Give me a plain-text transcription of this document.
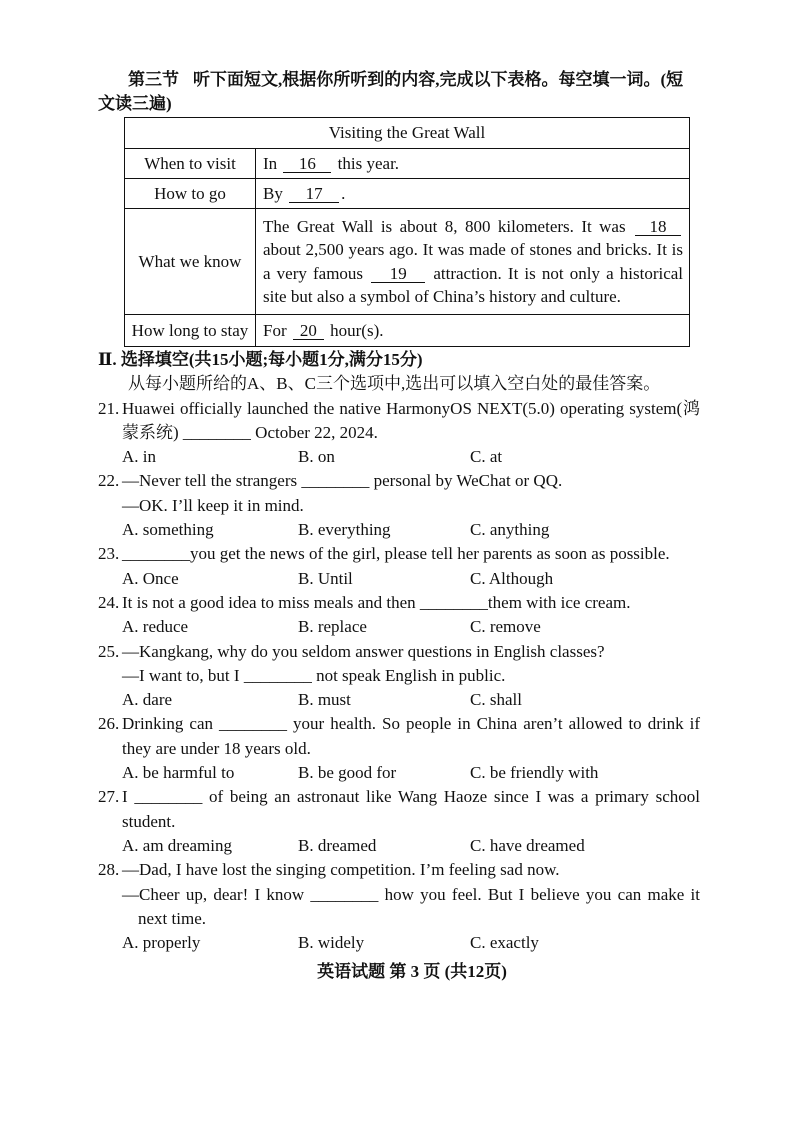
第三节 听下面短文,根据你所听到的内容,完成以下表格。每空填一词。(短文读三遍)

Visiting the Great Wall	
When to visit	In 16 this year.
How to go	By 17 .
What we know	The Great Wall is about 8, 800 kilometers. It was 18 about 2,500 years ago. It was made of stones and bricks. It is a very famous 19 attraction. It is not only a historical site but also a symbol of China’s history and culture.
How long to stay	For 20 hour(s).
Ⅱ. 选择填空(共15小题;每小题1分,满分15分)
从每小题所给的A、B、C三个选项中,选出可以填入空白处的最佳答案。
21. Huawei officially launched the native HarmonyOS NEXT(5.0) operating system(鸿蒙系统) ________ October 22, 2024.
A. in	B. on	C. at
22. —Never tell the strangers ________ personal by WeChat or QQ.
—OK. I’ll keep it in mind.
A. something	B. everything	C. anything
23. ________you get the news of the girl, please tell her parents as soon as possible.
A. Once	B. Until	C. Although
24. It is not a good idea to miss meals and then ________them with ice cream.
A. reduce	B. replace	C. remove
25. —Kangkang, why do you seldom answer questions in English classes?
—I want to, but I ________ not speak English in public.
A. dare	B. must	C. shall
26. Drinking can ________ your health. So people in China aren’t allowed to drink if they are under 18 years old.
A. be harmful to	B. be good for	C. be friendly with
27. I ________ of being an astronaut like Wang Haoze since I was a primary school student.
A. am dreaming	B. dreamed	C. have dreamed
28. —Dad, I have lost the singing competition. I’m feeling sad now.
—Cheer up, dear! I know ________ how you feel. But I believe you can make it next time.
A. properly	B. widely	C. exactly
英语试题 第 3 页 (共12页)
